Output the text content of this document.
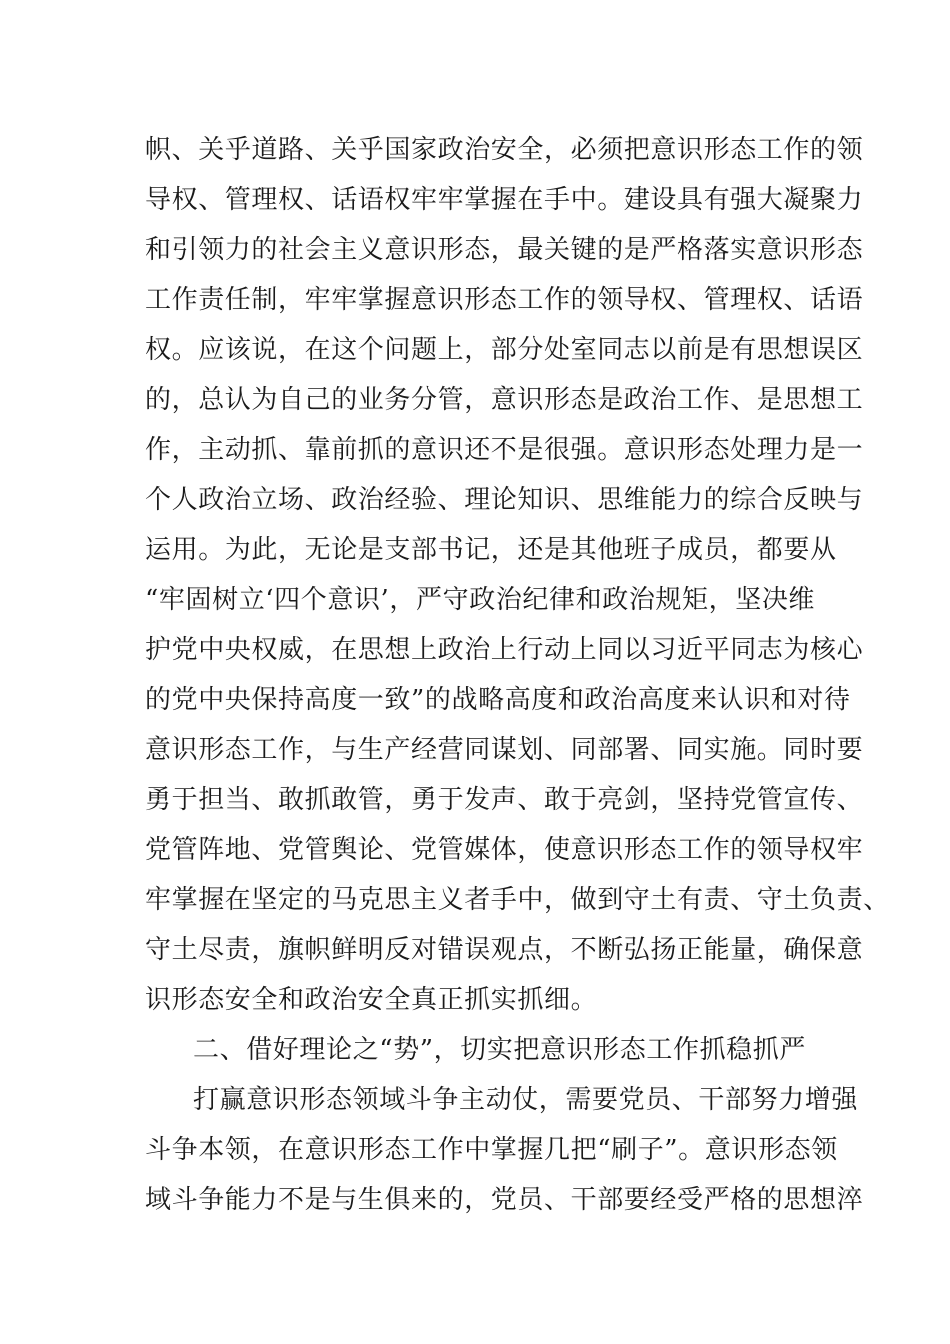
帜、关乎道路、关乎国家政治安全，必须把意识形态工作的领
导权、管理权、话语权牢牢掌握在手中。建设具有强大凝聚力
和引领力的社会主义意识形态，最关键的是严格落实意识形态
工作责任制，牢牢掌握意识形态工作的领导权、管理权、话语
权。应该说，在这个问题上，部分处室同志以前是有思想误区
的，总认为自己的业务分管，意识形态是政治工作、是思想工
作，主动抓、靠前抓的意识还不是很强。意识形态处理力是一
个人政治立场、政治经验、理论知识、思维能力的综合反映与
运用。为此，无论是支部书记，还是其他班子成员，都要从
“牢固树立‘四个意识’，严守政治纪律和政治规矩，坚决维
护党中央权威，在思想上政治上行动上同以习近平同志为核心
的党中央保持高度一致”的战略高度和政治高度来认识和对待
意识形态工作，与生产经营同谋划、同部署、同实施。同时要
勇于担当、敢抓敢管，勇于发声、敢于亮剑，坚持党管宣传、
党管阵地、党管舆论、党管媒体，使意识形态工作的领导权牢
牢掌握在坚定的马克思主义者手中，做到守土有责、守土负责、
守土尽责，旗帜鲜明反对错误观点，不断弘扬正能量，确保意
识形态安全和政治安全真正抓实抓细。
二、借好理论之“势”，切实把意识形态工作抓稳抓严
打赢意识形态领域斗争主动仗，需要党员、干部努力增强
斗争本领，在意识形态工作中掌握几把“刷子”。意识形态领
域斗争能力不是与生俱来的，党员、干部要经受严格的思想淬
